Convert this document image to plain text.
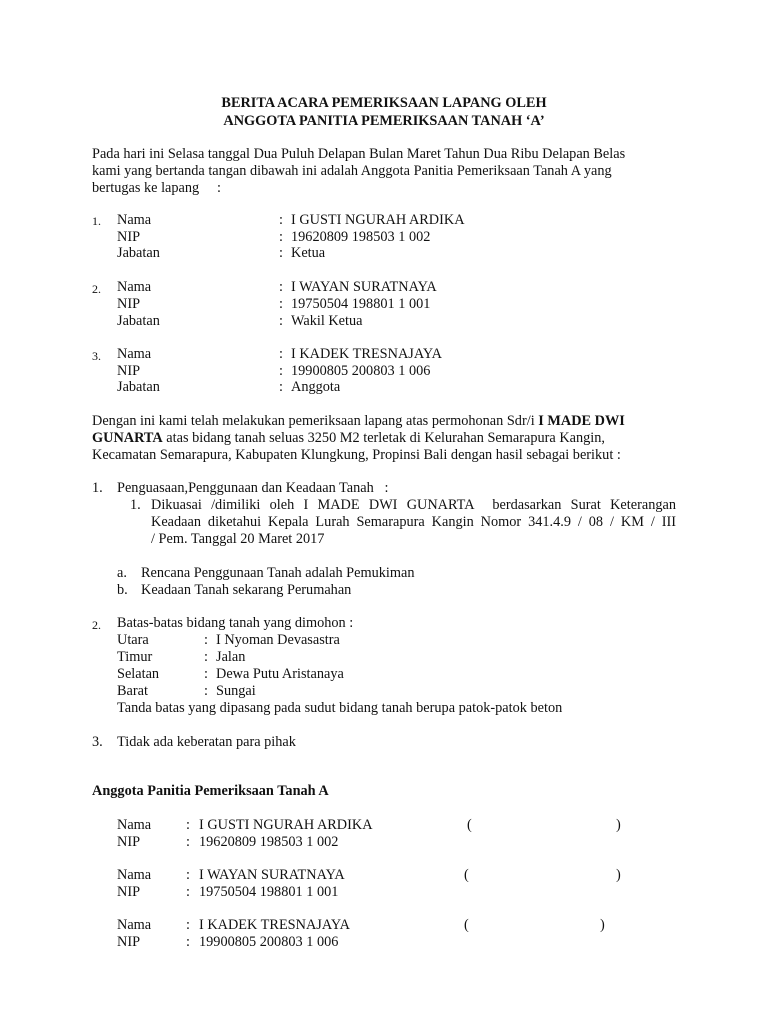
BERITA ACARA PEMERIKSAAN LAPANG OLEH
ANGGOTA PANITIA PEMERIKSAAN TANAH ‘A’
Pada hari ini Selasa tanggal Dua Puluh Delapan Bulan Maret Tahun Dua Ribu Delapan Belas
kami yang bertanda tangan dibawah ini adalah Anggota Panitia Pemeriksaan Tanah A yang
bertugas ke lapang     :
1. Nama	: I GUSTI NGURAH ARDIKA
NIP	: 19620809 198503 1 002
Jabatan	: Ketua
2. Nama	: I WAYAN SURATNAYA
NIP	: 19750504 198801 1 001
Jabatan	: Wakil Ketua
3. Nama	: I KADEK TRESNAJAYA
NIP	: 19900805 200803 1 006
Jabatan	: Anggota
Dengan ini kami telah melakukan pemeriksaan lapang atas permohonan Sdr/i I MADE DWI
GUNARTA atas bidang tanah seluas 3250 M2 terletak di Kelurahan Semarapura Kangin,
Kecamatan Semarapura, Kabupaten Klungkung, Propinsi Bali dengan hasil sebagai berikut :
1. Penguasaan,Penggunaan dan Keadaan Tanah   :
1. Dikuasai /dimiliki oleh I MADE DWI GUNARTA  berdasarkan Surat Keterangan
Keadaan diketahui Kepala Lurah Semarapura Kangin Nomor 341.4.9 / 08 / KM / III
/ Pem. Tanggal 20 Maret 2017
a. Rencana Penggunaan Tanah adalah Pemukiman
b. Keadaan Tanah sekarang Perumahan
2. Batas-batas bidang tanah yang dimohon :
Utara	: I Nyoman Devasastra
Timur	: Jalan
Selatan	: Dewa Putu Aristanaya
Barat	: Sungai
Tanda batas yang dipasang pada sudut bidang tanah berupa patok-patok beton
3. Tidak ada keberatan para pihak
Anggota Panitia Pemeriksaan Tanah A
Nama : I GUSTI NGURAH ARDIKA	(	)
NIP	: 19620809 198503 1 002
Nama : I WAYAN SURATNAYA	(	)
NIP	: 19750504 198801 1 001
Nama : I KADEK TRESNAJAYA	(	)
NIP	: 19900805 200803 1 006
